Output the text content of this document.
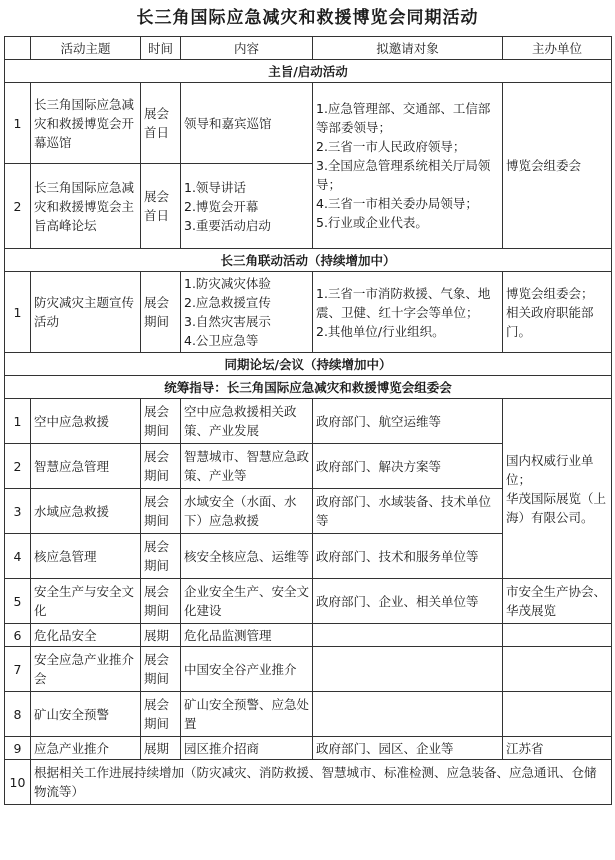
长三角国际应急减灾和救援博览会同期活动
	活动主题	时间	内容	拟邀请对象	主办单位
主旨/启动活动					
1	长三角国际应急减灾和救援博览会开幕巡馆	展会首日	领导和嘉宾巡馆	1.应急管理部、交通部、工信部等部委领导；
2.三省一市人民政府领导；
3.全国应急管理系统相关厅局领导；
4.三省一市相关委办局领导；
5.行业或企业代表。	博览会组委会
2	长三角国际应急减灾和救援博览会主旨高峰论坛	展会首日	1.领导讲话
2.博览会开幕
3.重要活动启动		

长三角联动活动（持续增加中）					
1	防灾减灾主题宣传活动	展会期间	1.防灾减灾体验
2.应急救援宣传
3.自然灾害展示
4.公卫应急等	1.三省一市消防救援、气象、地震、卫健、红十字会等单位；
2.其他单位/行业组织。	博览会组委会；
相关政府职能部门。

同期论坛/会议（持续增加中）					
统筹指导：长三角国际应急减灾和救援博览会组委会					
1	空中应急救援	展会期间	空中应急救援相关政策、产业发展	政府部门、航空运维等	国内权威行业单位；
华茂国际展览（上海）有限公司。

2	智慧应急管理	展会期间	智慧城市、智慧应急政策、产业等	政府部门、解决方案等	
3	水域应急救援	展会期间	水域安全（水面、水下）应急救援	政府部门、水域装备、技术单位等	
4	核应急管理	展会期间	核安全核应急、运维等	政府部门、技术和服务单位等	
5	安全生产与安全文化	展会期间	企业安全生产、安全文化建设	政府部门、企业、相关单位等	市安全生产协会、华茂展览
6	危化品安全	展期	危化品监测管理		
7	安全应急产业推介会	展会期间	中国安全谷产业推介		
8	矿山安全预警	展会期间	矿山安全预警、应急处置		
9	应急产业推介	展期	园区推介招商	政府部门、园区、企业等	江苏省
10	根据相关工作进展持续增加（防灾减灾、消防救援、智慧城市、标准检测、应急装备、应急通讯、仓储物流等）				
